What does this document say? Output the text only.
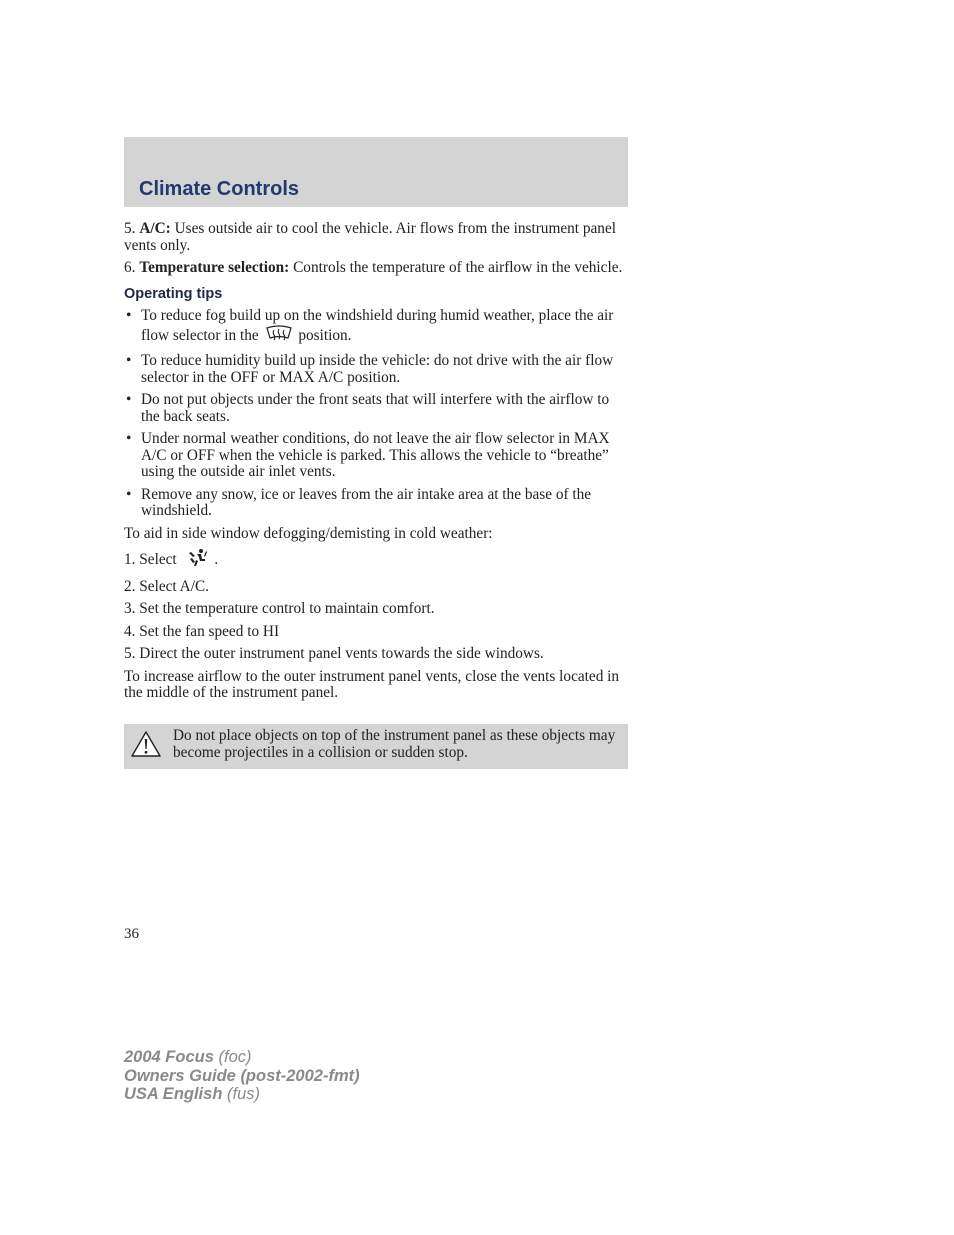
Climate Controls

5. A/C: Uses outside air to cool the vehicle. Air flows from the instrument panel vents only.

6. Temperature selection: Controls the temperature of the airflow in the vehicle.

Operating tips
• To reduce fog build up on the windshield during humid weather, place the air flow selector in the	position.
• To reduce humidity build up inside the vehicle: do not drive with the air flow selector in the OFF or MAX A/C position.
• Do not put objects under the front seats that will interfere with the airflow to the back seats.
• Under normal weather conditions, do not leave the air flow selector in MAX A/C or OFF when the vehicle is parked. This allows the vehicle to “breathe” using the outside air inlet vents.
• Remove any snow, ice or leaves from the air intake area at the base of the windshield.

To aid in side window defogging/demisting in cold weather:

1. Select .

2. Select A/C.

3. Set the temperature control to maintain comfort.

4. Set the fan speed to HI

5. Direct the outer instrument panel vents towards the side windows.

To increase airflow to the outer instrument panel vents, close the vents located in the middle of the instrument panel.

Do not place objects on top of the instrument panel as these objects may become projectiles in a collision or sudden stop.
36
2004 Focus (foc)
Owners Guide (post-2002-fmt)
USA English (fus)
